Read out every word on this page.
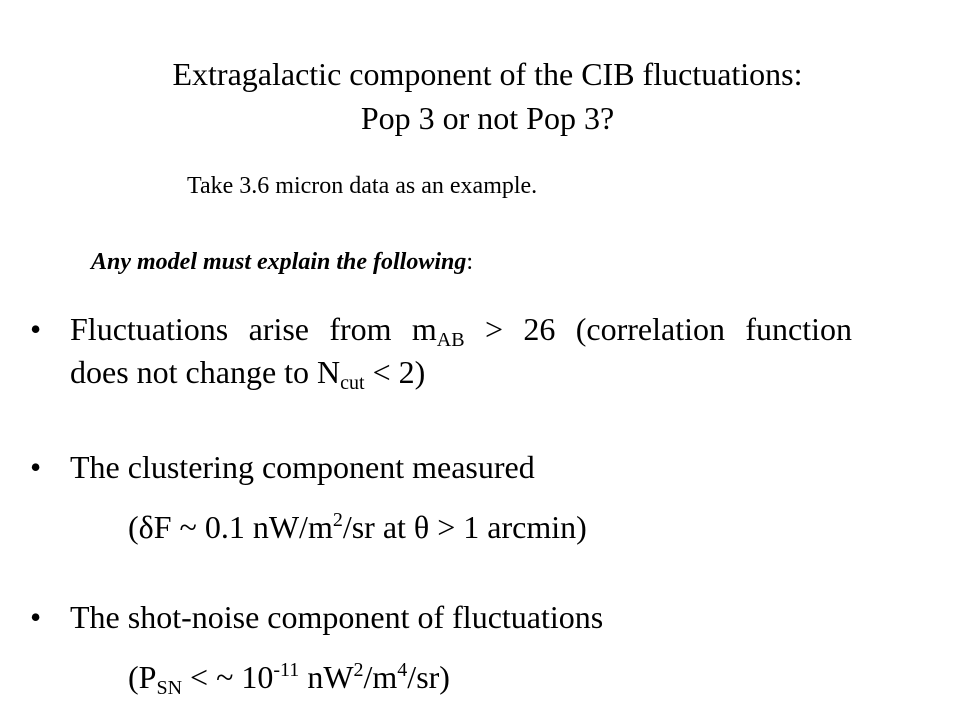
Extragalactic component of the CIB fluctuations:
Pop 3 or not Pop 3?
Take 3.6 micron data as an example.
Any model must explain the following:
• Fluctuations arise from mAB > 26 (correlation function
does not change to Ncut < 2)
• The clustering component measured
(δF ~ 0.1 $nW/m^2/sr$ at θ > 1 arcmin)
• The shot-noise component of fluctuations
(PSN < ~ $10^{-11}$ $nW^2/m^4/sr$)
